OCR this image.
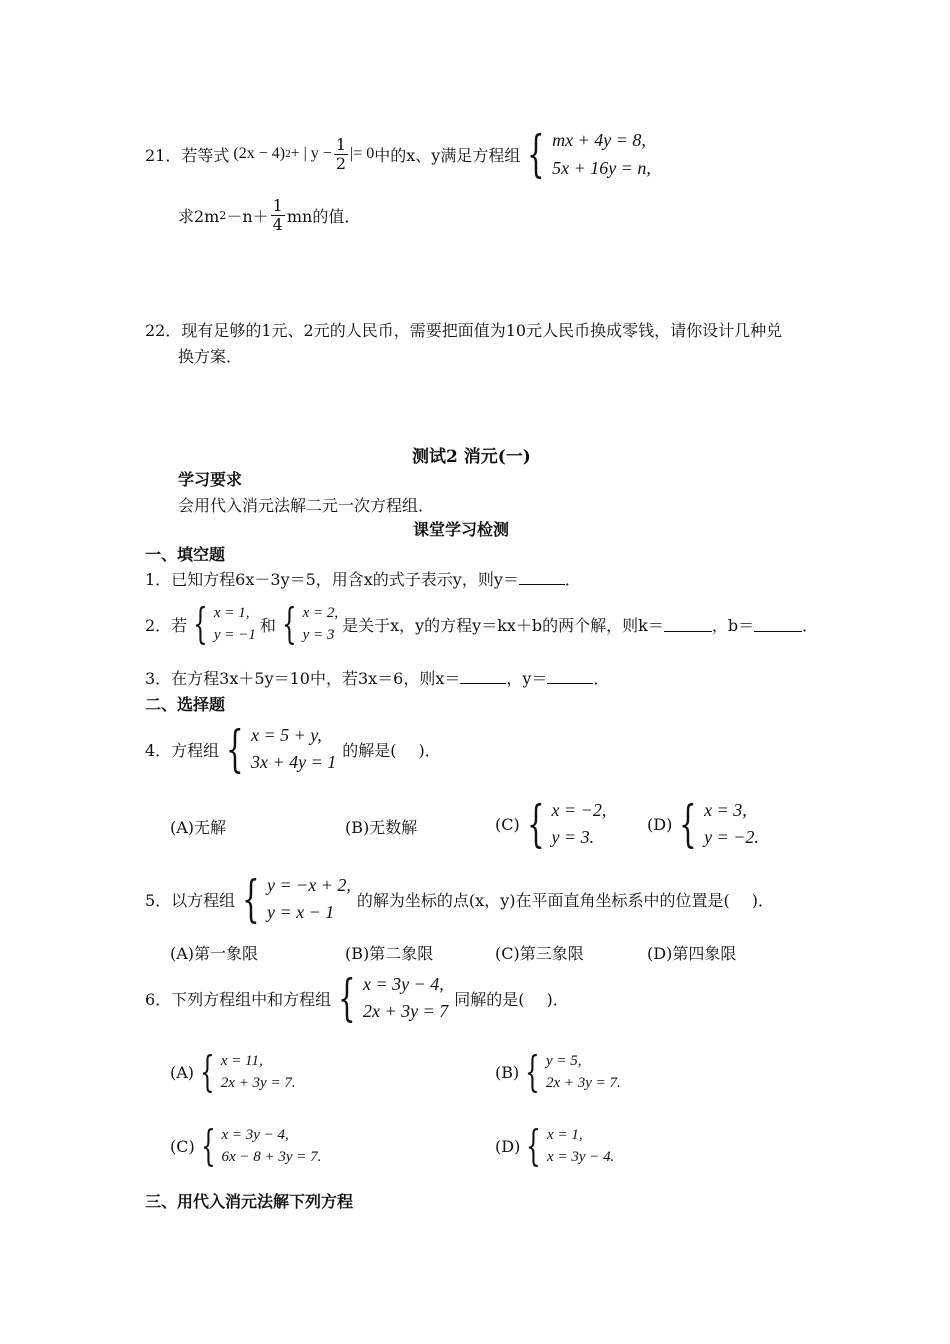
21． 若等式 (2x − 4) 2 + | $y - \frac{1}{2}$ |= 0 中的x、y满足方程组 { mx + 4y = 8,
5x + 16y = n,
求2m $2 -n+ \frac{1}{4}$ mn的值．
22．现有足够的1元、2元的人民币，需要把面值为10元人民币换成零钱，请你设计几种兑
换方案．
测试2 消元(一)
学习要求
会用代入消元法解二元一次方程组．
课堂学习检测
一、填空题
1．已知方程6x－3y＝5，用含x的式子表示y，则y＝	．
2．若 { x = 1,
y = −1
和 { x = 2,
y = 3
是关于x，y的方程y＝kx＋b的两个解，则k＝	，b＝	．
3．在方程3x＋5y＝10中，若3x＝6，则x＝	，y＝	．
二、选择题
4．方程组 { x = 5 + y,
3x + 4y = 1
的解是( )．
(A)无解	(B)无数解	(C) { x = −2,
y = 3.
(D) { x = 3,
y = −2.
5．以方程组 { y = −x + 2,
y = x − 1
的解为坐标的点(x，y)在平面直角坐标系中的位置是( )．
(A)第一象限	(B)第二象限	(C)第三象限	(D)第四象限
6．下列方程组中和方程组 { x = 3y − 4,
2x + 3y = 7
同解的是( )．
(A) { x = 11,
2x + 3y = 7.
(B) { y = 5,
2x + 3y = 7.
(C) { x = 3y − 4,
6x − 8 + 3y = 7.
(D) { x = 1,
x = 3y − 4.
三、用代入消元法解下列方程
